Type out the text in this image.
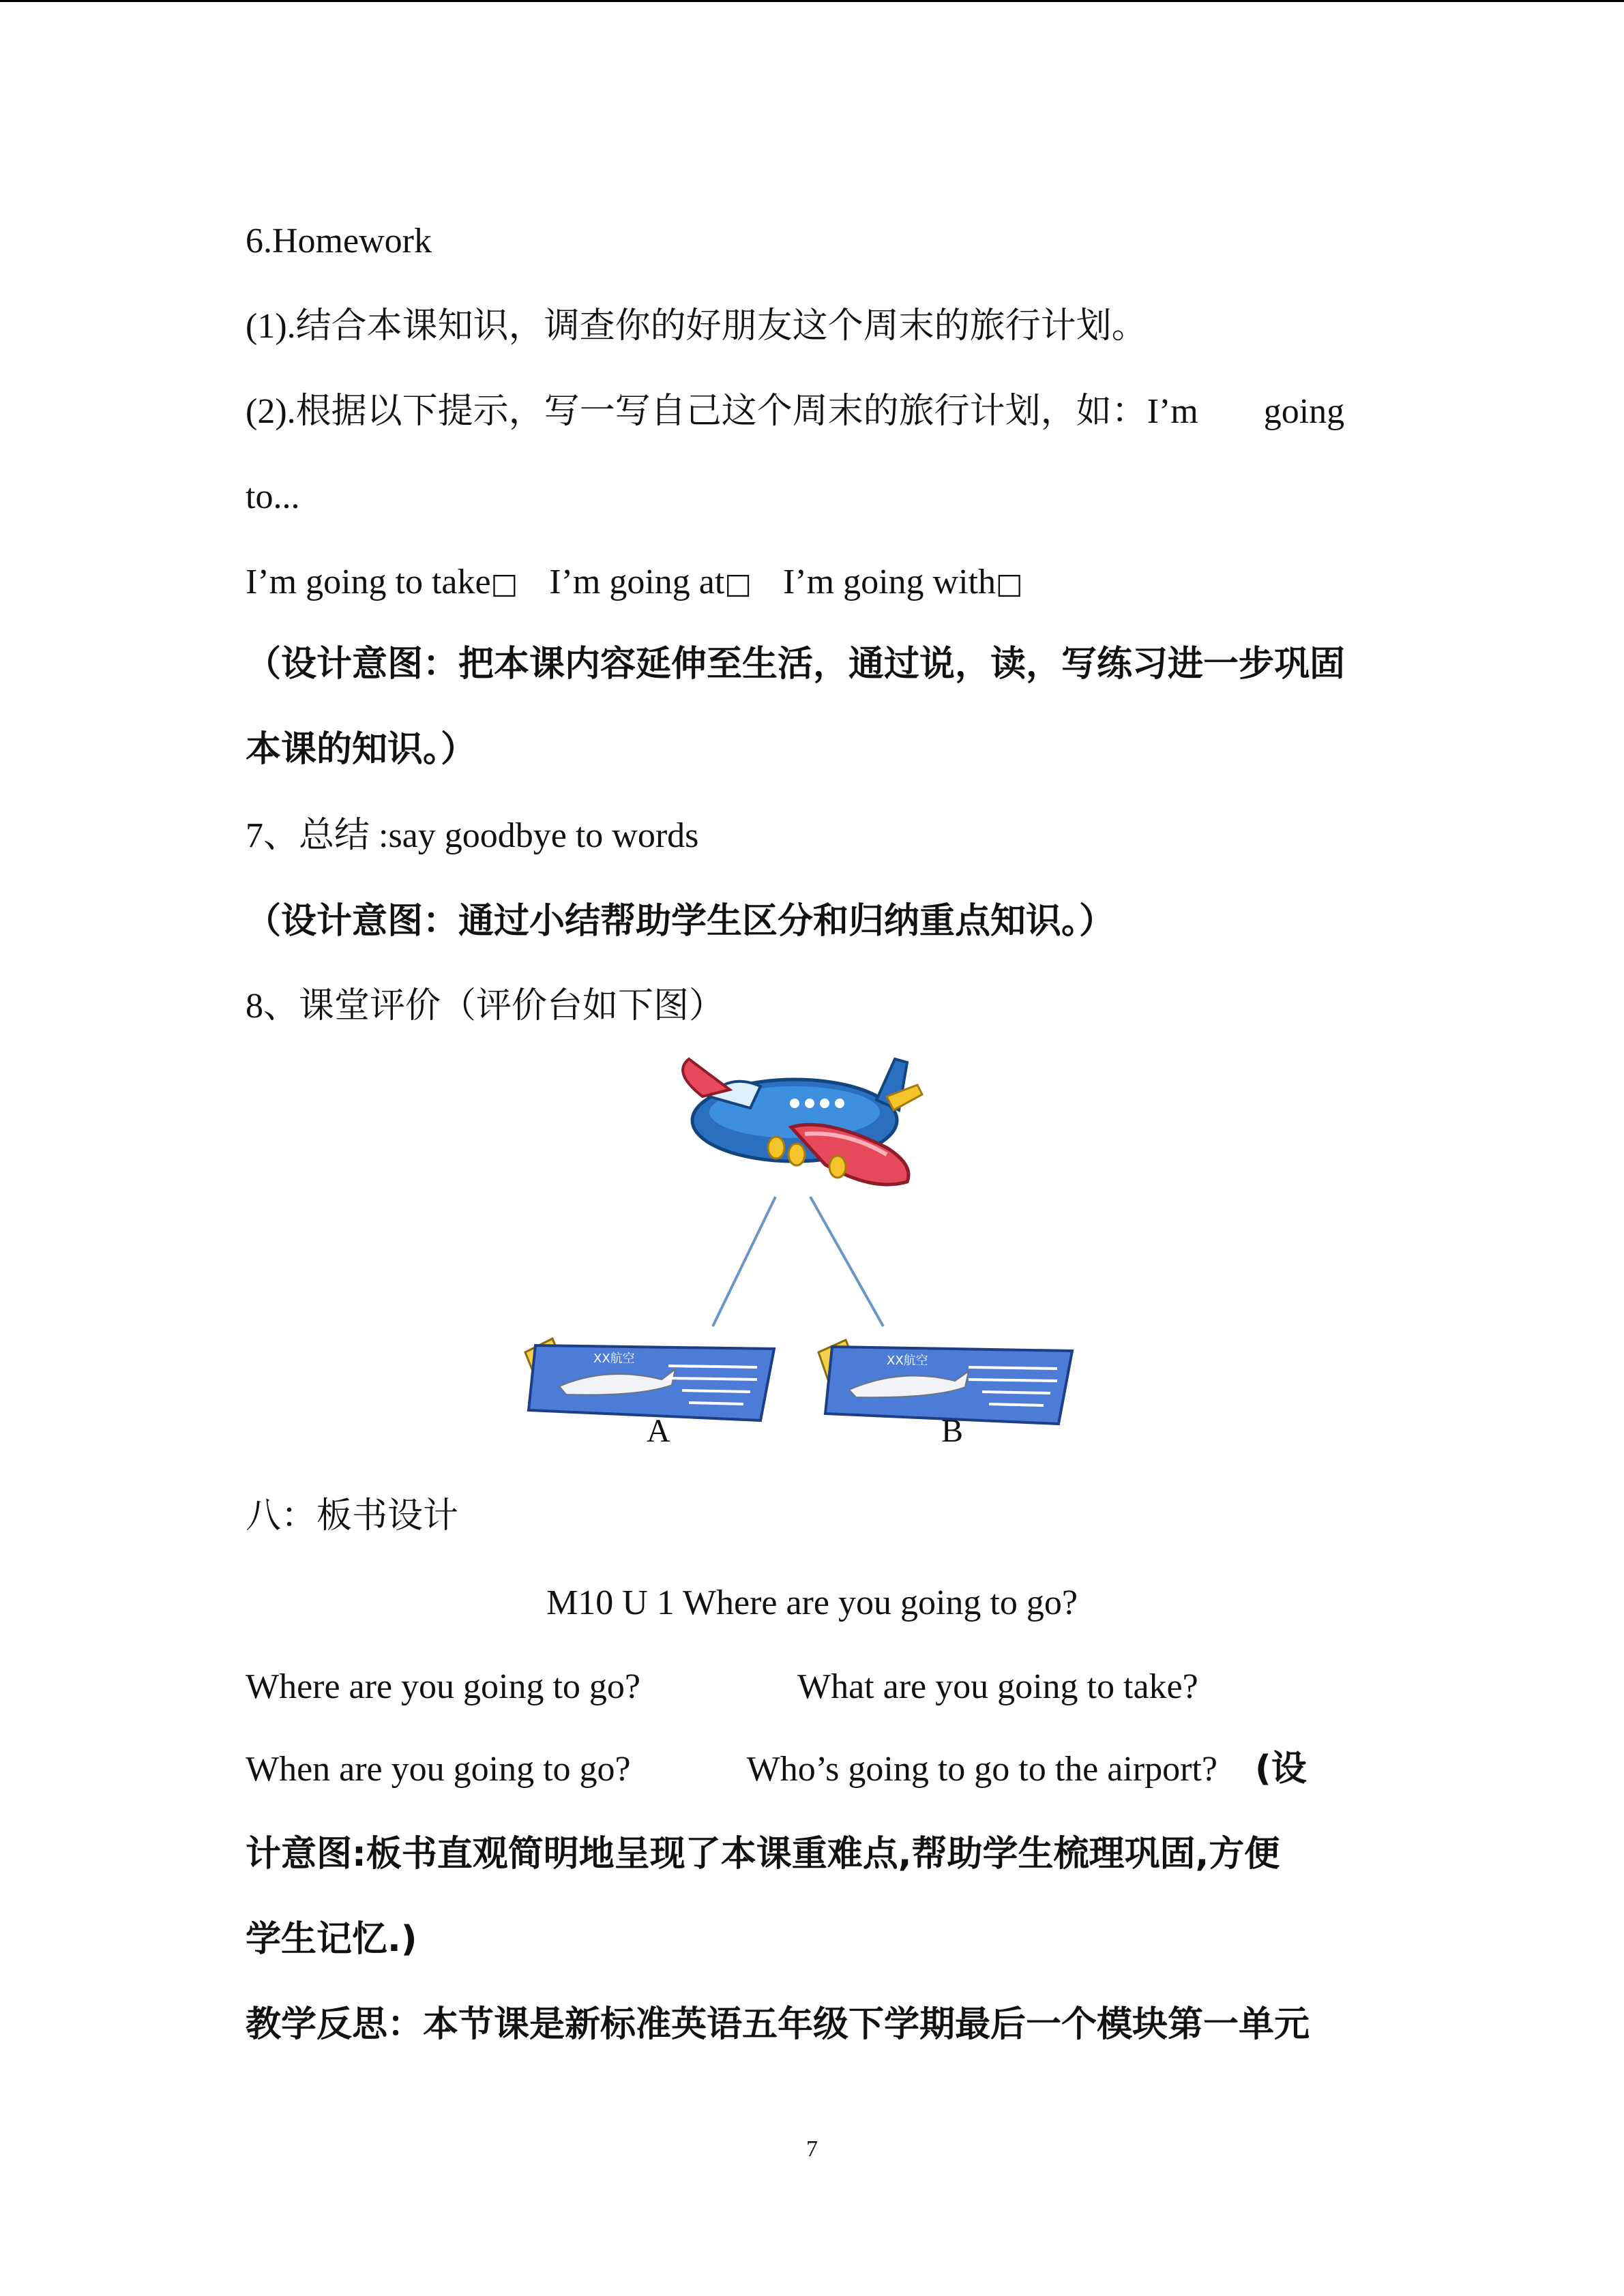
6.Homework
(1).结合本课知识，调查你的好朋友这个周末的旅行计划。
(2).根据以下提示，写一写自己这个周末的旅行计划，如：I’m going
to...
I’m going to take□ I’m going at□ I’m going with□
（设计意图：把本课内容延伸至生活，通过说，读，写练习进一步巩固
本课的知识。）
7、总结 :say goodbye to words
（设计意图：通过小结帮助学生区分和归纳重点知识。）
8、课堂评价（评价台如下图）
XX航空	XX航空
A	B
八：板书设计
M10 U 1 Where are you going to go?
Where are you going to go?	What are you going to take?
When are you going to go?	Who’s going to go to the airport? (设
计意图:板书直观简明地呈现了本课重难点,帮助学生梳理巩固,方便
学生记忆.)
教学反思：本节课是新标准英语五年级下学期最后一个模块第一单元
7
